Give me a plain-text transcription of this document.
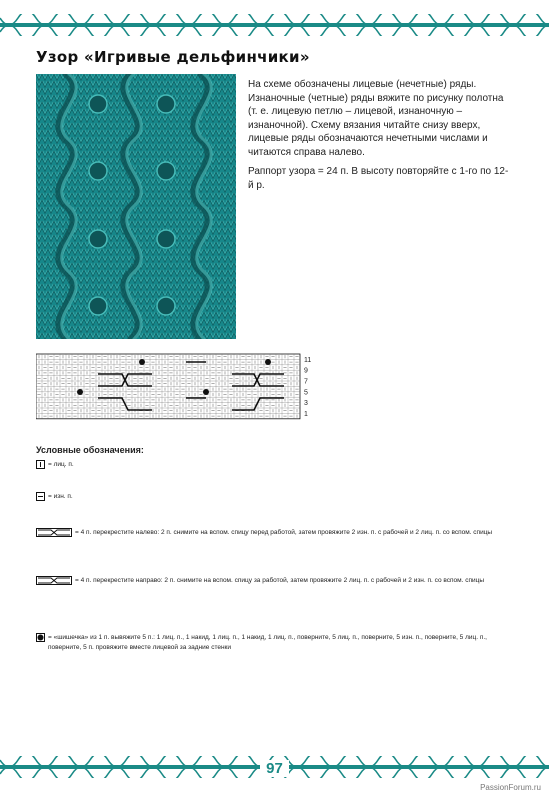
Узор «Игривые дельфинчики»

На схеме обозначены лицевые (нечетные) ряды. Изнаночные (четные) ряды вяжите по рисунку полотна (т. е. лицевую петлю – лицевой, изнаночную – изнаночной). Схему вязания читайте снизу вверх, лицевые ряды обозначаются нечетными числами и читаются справа налево.

Раппорт узора = 24 п. В высоту повторяйте с 1-го по 12-й р.

11
9
7
5
3
1
Условные обозначения:
= лиц. п.
= изн. п.
= 4 п. перекрестите налево: 2 п. снимите на вспом. спицу перед работой, затем провяжите 2 изн. п. с рабочей и 2 лиц. п. со вспом. спицы
= 4 п. перекрестите направо: 2 п. снимите на вспом. спицу за работой, затем провяжите 2 лиц. п. с рабочей и 2 изн. п. со вспом. спицы
= «шишечка» из 1 п. вывяжите 5 п.: 1 лиц. п., 1 накид, 1 лиц. п., 1 накид, 1 лиц. п., поверните, 5 лиц. п., поверните, 5 изн. п., поверните, 5 лиц. п., поверните, 5 п. провяжите вместе лицевой за задние стенки
97
PassionForum.ru
